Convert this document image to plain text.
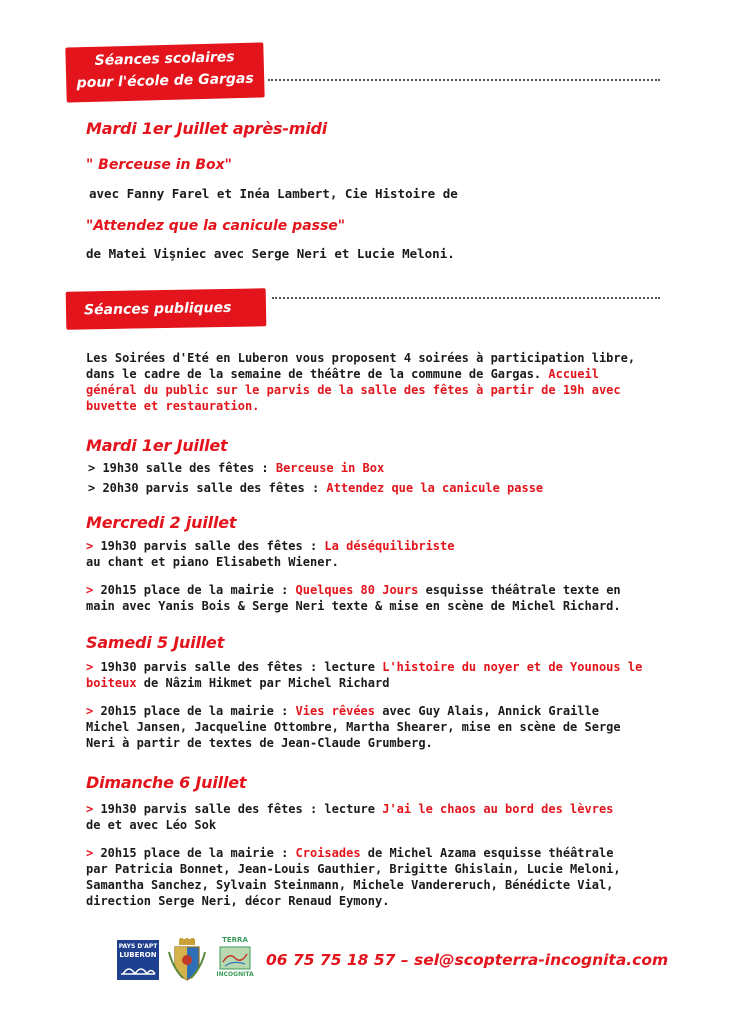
Séances scolaires
pour l'école de Gargas
Mardi 1er Juillet après-midi
" Berceuse in Box"
avec Fanny Farel et Inéa Lambert, Cie Histoire de
"Attendez que la canicule passe"
de Matei Vişniec avec Serge Neri et Lucie Meloni.
Séances publiques
Les Soirées d'Eté en Luberon vous proposent 4 soirées à participation libre,
dans le cadre de la semaine de théâtre de la commune de Gargas. Accueil
général du public sur le parvis de la salle des fêtes à partir de 19h avec
buvette et restauration.
Mardi 1er Juillet
> 19h30 salle des fêtes : Berceuse in Box
> 20h30 parvis salle des fêtes : Attendez que la canicule passe
Mercredi 2 juillet
> 19h30 parvis salle des fêtes : La déséquilibriste
au chant et piano Elisabeth Wiener.
> 20h15 place de la mairie : Quelques 80 Jours esquisse théâtrale texte en
main avec Yanis Bois & Serge Neri texte & mise en scène de Michel Richard.
Samedi 5 Juillet
> 19h30 parvis salle des fêtes : lecture L'histoire du noyer et de Younous le
boiteux de Nâzim Hikmet par Michel Richard
> 20h15 place de la mairie : Vies rêvées avec Guy Alais, Annick Graille
Michel Jansen, Jacqueline Ottombre, Martha Shearer, mise en scène de Serge
Neri à partir de textes de Jean-Claude Grumberg.
Dimanche 6 Juillet
> 19h30 parvis salle des fêtes : lecture J'ai le chaos au bord des lèvres
de et avec Léo Sok
> 20h15 place de la mairie : Croisades de Michel Azama esquisse théâtrale
par Patricia Bonnet, Jean-Louis Gauthier, Brigitte Ghislain, Lucie Meloni,
Samantha Sanchez, Sylvain Steinmann, Michele Vandereruch, Bénédicte Vial,
direction Serge Neri, décor Renaud Eymony.
PAYS D'APT
LUBERON
TERRA
INCOGNITA
06 75 75 18 57 – sel@scopterra-incognita.com
